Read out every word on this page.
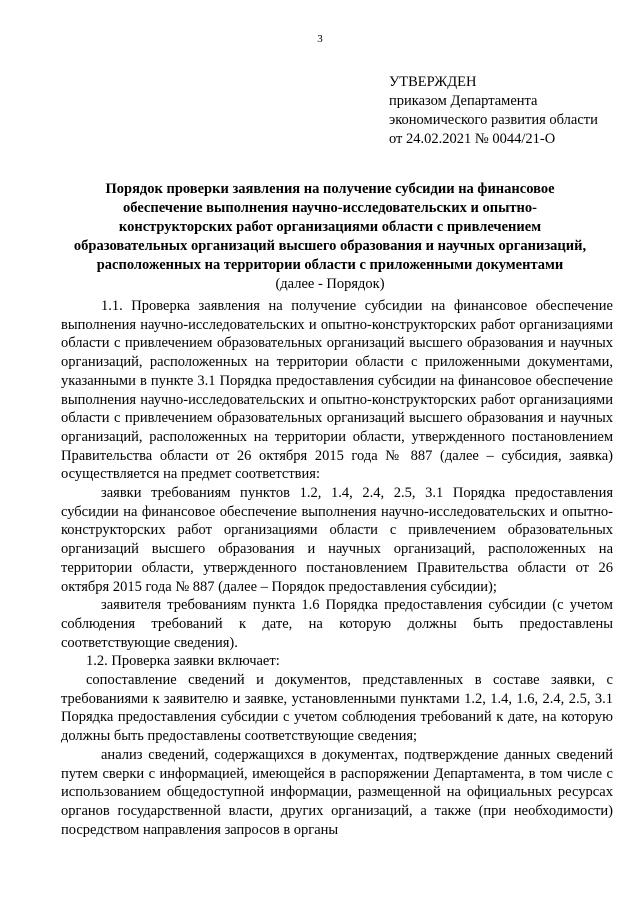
3
УТВЕРЖДЕН
приказом Департамента
экономического развития области
от 24.02.2021 № 0044/21-О
Порядок проверки заявления на получение субсидии на финансовое
обеспечение выполнения научно-исследовательских и опытно-
конструкторских работ организациями области с привлечением
образовательных организаций высшего образования и научных организаций,
расположенных на территории области с приложенными документами
(далее - Порядок)

1.1. Проверка заявления на получение субсидии на финансовое обеспечение выполнения научно-исследовательских и опытно-конструкторских работ организациями области с привлечением образовательных организаций высшего образования и научных организаций, расположенных на территории области с приложенными документами, указанными в пункте 3.1 Порядка предоставления субсидии на финансовое обеспечение выполнения научно-исследовательских и опытно-конструкторских работ организациями области с привлечением образовательных организаций высшего образования и научных организаций, расположенных на территории области, утвержденного постановлением Правительства области от 26 октября 2015 года № 887 (далее – субсидия, заявка) осуществляется на предмет соответствия:

заявки требованиям пунктов 1.2, 1.4, 2.4, 2.5, 3.1 Порядка предоставления субсидии на финансовое обеспечение выполнения научно-исследовательских и опытно-конструкторских работ организациями области с привлечением образовательных организаций высшего образования и научных организаций, расположенных на территории области, утвержденного постановлением Правительства области от 26 октября 2015 года № 887 (далее – Порядок предоставления субсидии);

заявителя требованиям пункта 1.6 Порядка предоставления субсидии (с учетом соблюдения требований к дате, на которую должны быть предоставлены соответствующие сведения).

1.2. Проверка заявки включает:

сопоставление сведений и документов, представленных в составе заявки, с требованиями к заявителю и заявке, установленными пунктами 1.2, 1.4, 1.6, 2.4, 2.5, 3.1 Порядка предоставления субсидии с учетом соблюдения требований к дате, на которую должны быть предоставлены соответствующие сведения;

анализ сведений, содержащихся в документах, подтверждение данных сведений путем сверки с информацией, имеющейся в распоряжении Департамента, в том числе с использованием общедоступной информации, размещенной на официальных ресурсах органов государственной власти, других организаций, а также (при необходимости) посредством направления запросов в органы
